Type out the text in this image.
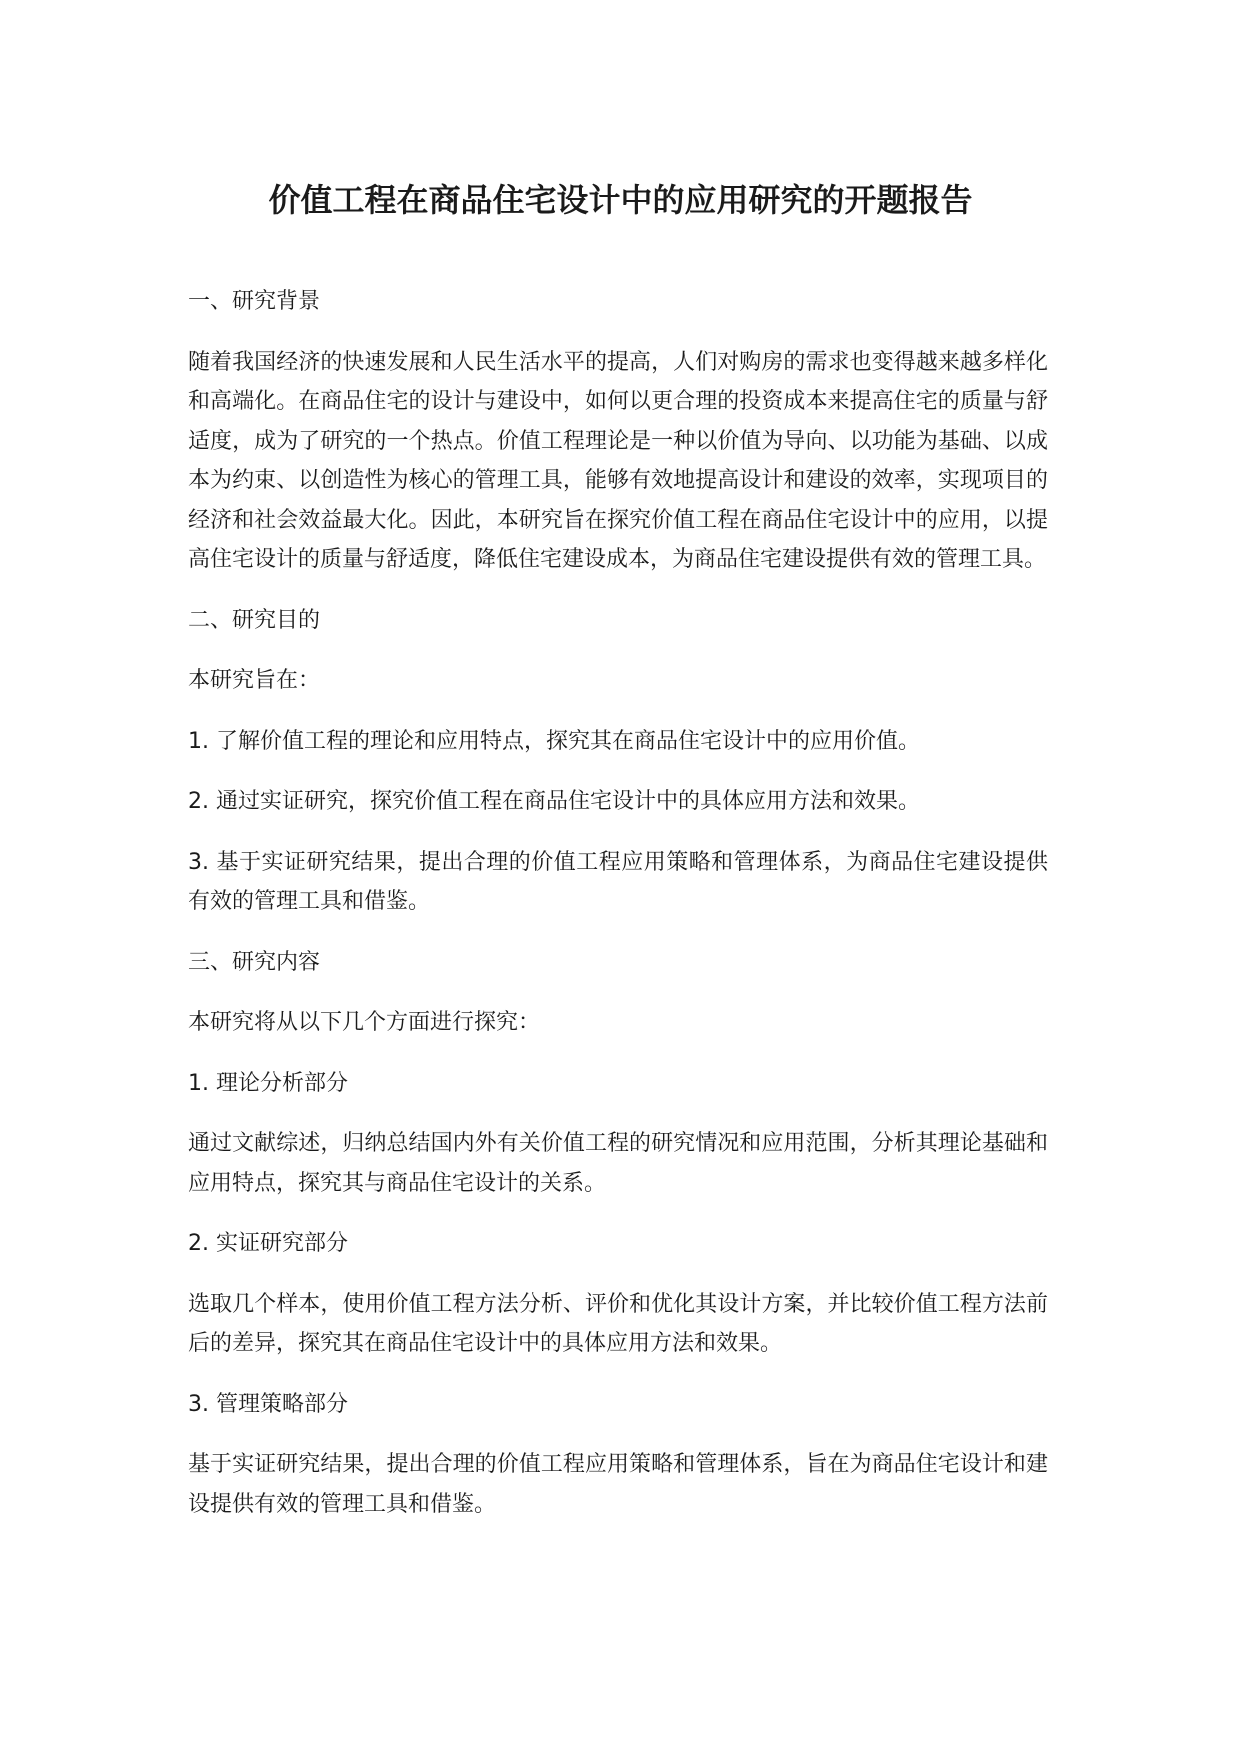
价值工程在商品住宅设计中的应用研究的开题报告

一、研究背景

随着我国经济的快速发展和人民生活水平的提高，人们对购房的需求也变得越来越多样化和高端化。在商品住宅的设计与建设中，如何以更合理的投资成本来提高住宅的质量与舒适度，成为了研究的一个热点。价值工程理论是一种以价值为导向、以功能为基础、以成本为约束、以创造性为核心的管理工具，能够有效地提高设计和建设的效率，实现项目的经济和社会效益最大化。因此，本研究旨在探究价值工程在商品住宅设计中的应用，以提高住宅设计的质量与舒适度，降低住宅建设成本，为商品住宅建设提供有效的管理工具。

二、研究目的

本研究旨在：

1. 了解价值工程的理论和应用特点，探究其在商品住宅设计中的应用价值。

2. 通过实证研究，探究价值工程在商品住宅设计中的具体应用方法和效果。

3. 基于实证研究结果，提出合理的价值工程应用策略和管理体系，为商品住宅建设提供有效的管理工具和借鉴。

三、研究内容

本研究将从以下几个方面进行探究：

1. 理论分析部分

通过文献综述，归纳总结国内外有关价值工程的研究情况和应用范围，分析其理论基础和应用特点，探究其与商品住宅设计的关系。

2. 实证研究部分

选取几个样本，使用价值工程方法分析、评价和优化其设计方案，并比较价值工程方法前后的差异，探究其在商品住宅设计中的具体应用方法和效果。

3. 管理策略部分

基于实证研究结果，提出合理的价值工程应用策略和管理体系，旨在为商品住宅设计和建设提供有效的管理工具和借鉴。
